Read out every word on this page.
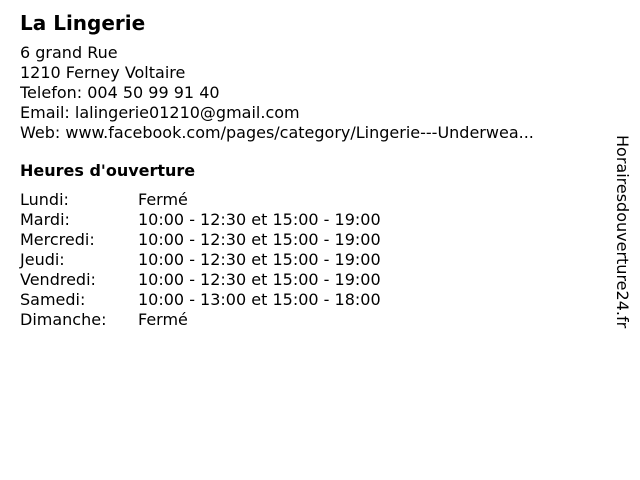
La Lingerie
6 grand Rue
1210 Ferney Voltaire
Telefon: 004 50 99 91 40
Email: lalingerie01210@gmail.com
Web: www.facebook.com/pages/category/Lingerie---Underwea...
Heures d'ouverture
Lundi:	Fermé
Mardi:	10:00 - 12:30 et 15:00 - 19:00
Mercredi:	10:00 - 12:30 et 15:00 - 19:00
Jeudi:	10:00 - 12:30 et 15:00 - 19:00
Vendredi:	10:00 - 12:30 et 15:00 - 19:00
Samedi:	10:00 - 13:00 et 15:00 - 18:00
Dimanche:	Fermé	Horairesdouverture24.fr
